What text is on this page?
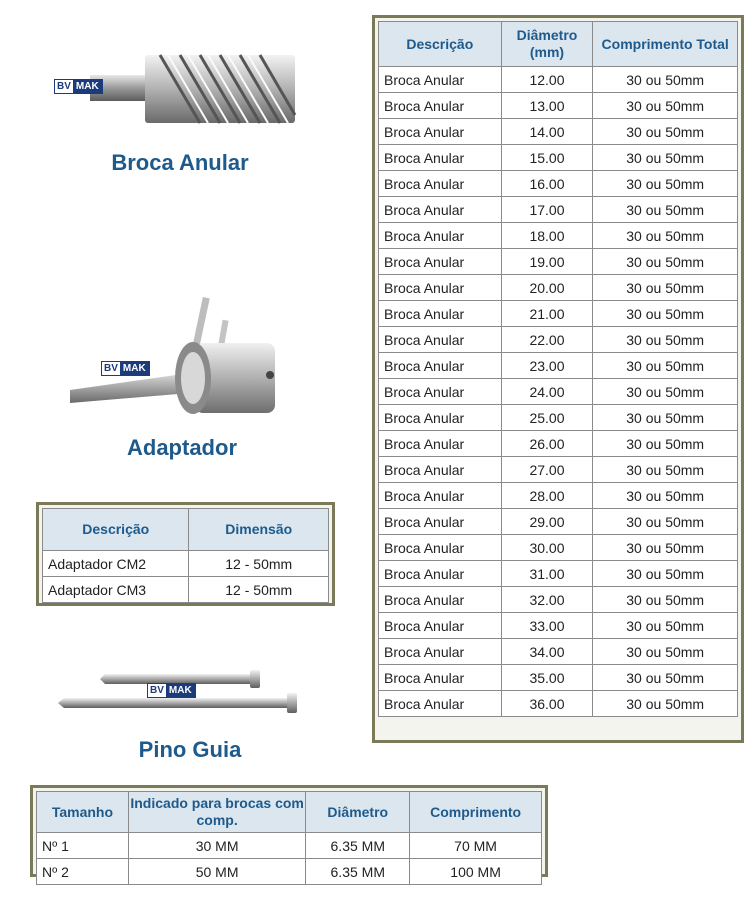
BV MAK
Broca Anular
BV MAK
Adaptador
Descrição	Dimensão
Adaptador CM2	12 - 50mm
Adaptador CM3	12 - 50mm
BV MAK
Pino Guia
Tamanho	Indicado para brocas com comp.	Diâmetro	Comprimento
Nº 1	30 MM	6.35 MM	70 MM
Nº 2	50 MM	6.35 MM	100 MM
Descrição	Diâmetro (mm)	Comprimento Total
Broca Anular	12.00	30 ou 50mm
Broca Anular	13.00	30 ou 50mm
Broca Anular	14.00	30 ou 50mm
Broca Anular	15.00	30 ou 50mm
Broca Anular	16.00	30 ou 50mm
Broca Anular	17.00	30 ou 50mm
Broca Anular	18.00	30 ou 50mm
Broca Anular	19.00	30 ou 50mm
Broca Anular	20.00	30 ou 50mm
Broca Anular	21.00	30 ou 50mm
Broca Anular	22.00	30 ou 50mm
Broca Anular	23.00	30 ou 50mm
Broca Anular	24.00	30 ou 50mm
Broca Anular	25.00	30 ou 50mm
Broca Anular	26.00	30 ou 50mm
Broca Anular	27.00	30 ou 50mm
Broca Anular	28.00	30 ou 50mm
Broca Anular	29.00	30 ou 50mm
Broca Anular	30.00	30 ou 50mm
Broca Anular	31.00	30 ou 50mm
Broca Anular	32.00	30 ou 50mm
Broca Anular	33.00	30 ou 50mm
Broca Anular	34.00	30 ou 50mm
Broca Anular	35.00	30 ou 50mm
Broca Anular	36.00	30 ou 50mm
